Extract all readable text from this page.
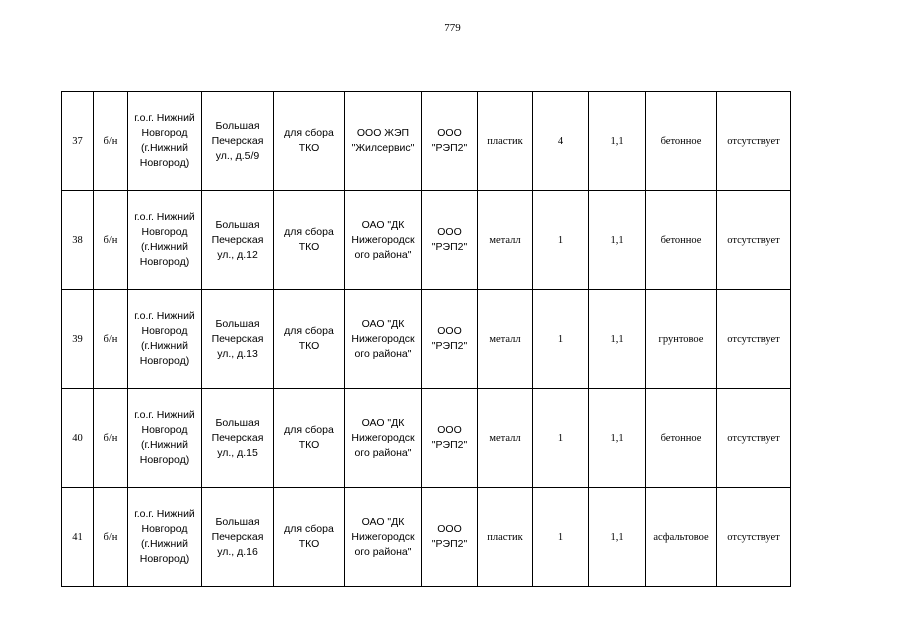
779
37	б/н	г.о.г. Нижний
Новгород
(г.Нижний
Новгород)	Большая
Печерская
ул., д.5/9	для сбора
ТКО	ООО ЖЭП
"Жилсервис"	ООО
"РЭП2"	пластик	4	1,1	бетонное	отсутствует
38	б/н	г.о.г. Нижний
Новгород
(г.Нижний
Новгород)	Большая
Печерская
ул., д.12	для сбора
ТКО	ОАО "ДК
Нижегородск
ого района"	ООО
"РЭП2"	металл	1	1,1	бетонное	отсутствует
39	б/н	г.о.г. Нижний
Новгород
(г.Нижний
Новгород)	Большая
Печерская
ул., д.13	для сбора
ТКО	ОАО "ДК
Нижегородск
ого района"	ООО
"РЭП2"	металл	1	1,1	грунтовое	отсутствует
40	б/н	г.о.г. Нижний
Новгород
(г.Нижний
Новгород)	Большая
Печерская
ул., д.15	для сбора
ТКО	ОАО "ДК
Нижегородск
ого района"	ООО
"РЭП2"	металл	1	1,1	бетонное	отсутствует
41	б/н	г.о.г. Нижний
Новгород
(г.Нижний
Новгород)	Большая
Печерская
ул., д.16	для сбора
ТКО	ОАО "ДК
Нижегородск
ого района"	ООО
"РЭП2"	пластик	1	1,1	асфальтовое	отсутствует
